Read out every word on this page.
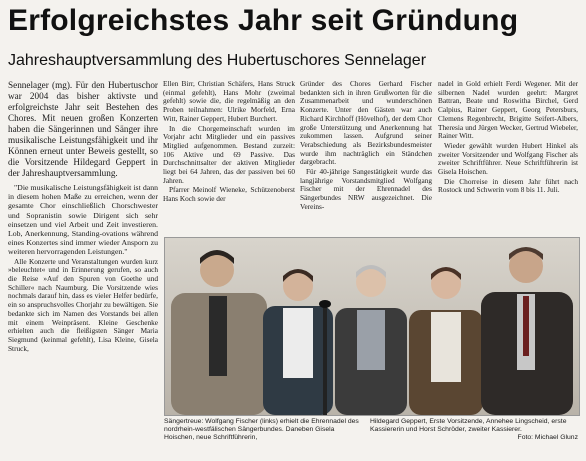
Erfolgreichstes Jahr seit Gründung
Jahreshauptversammlung des Hubertuschores Sennelager

Sennelager (mg). Für den Hubertuschor war 2004 das bisher aktivste und erfolgreichste Jahr seit Bestehen des Chores. Mit neuen großen Konzerten haben die Sängerinnen und Sänger ihre musikalische Leistungsfähigkeit und ihr Können erneut unter Beweis gestellt, so die Vorsitzende Hildegard Geppert in der Jahreshauptversammlung.

"Die musikalische Leistungsfähigkeit ist dann in diesem hohen Maße zu erreichen, wenn der gesamte Chor einschließlich Chorschwester und Sopranistin sowie Dirigent sich sehr einsetzen und viel Arbeit und Zeit investieren. Lob, Anerkennung, Standing-ovations während eines Konzertes sind immer wieder Ansporn zu weiteren hervorragenden Leistungen."

Alle Konzerte und Veranstaltungen wurden kurz »beleuchtet« und in Erinnerung gerufen, so auch die Reise »Auf den Spuren von Goethe und Schiller« nach Naumburg. Die Vorsitzende wies nochmals darauf hin, dass es vieler Helfer bedürfe, ein so anspruchsvolles Chorjahr zu bewältigen. Sie bedankte sich im Namen des Vorstands bei allen mit einem Weinpräsent. Kleine Geschenke erhielten auch die fleißigsten Sänger Maria Siegmund (keinmal gefehlt), Lisa Kleine, Gisela Struck,

Ellen Birr, Christian Schäfers, Hans Struck (einmal gefehlt), Hans Mohr (zweimal gefehlt) sowie die, die regelmäßig an den Proben teilnahmen: Ulrike Morfeld, Erna Witt, Rainer Geppert, Hubert Burchert.

In die Chorgemeinschaft wurden im Vorjahr acht Mitglieder und ein passives Mitglied aufgenommen. Bestand zurzeit: 106 Aktive und 69 Passive. Das Durchschnittsalter der aktiven Mitglieder liegt bei 64 Jahren, das der passiven bei 60 Jahren.

Pfarrer Meinolf Wieneke, Schützenoberst Hans Koch sowie der

Gründer des Chores Gerhard Fischer bedankten sich in ihren Grußworten für die Zusammenarbeit und wunderschönen Konzerte. Unter den Gästen war auch Richard Kirchhoff (Hövelhof), der dem Chor große Unterstützung und Anerkennung hat zukommen lassen. Aufgrund seiner Verabschiedung als Bezirksbundesmeister wurde ihm nachträglich ein Ständchen dargebracht.

Für 40-jährige Sangestätigkeit wurde das langjährige Vorstandsmitglied Wolfgang Fischer mit der Ehrennadel des Sängerbundes NRW ausgezeichnet. Die Vereins-

nadel in Gold erhielt Ferdi Wegener. Mit der silbernen Nadel wurden geehrt: Margret Battran, Beate und Roswitha Birchel, Gerd Calpius, Rainer Geppert, Georg Petersburs, Clemens Regenbrecht, Brigitte Seifert-Albers, Theresia und Jürgen Wecker, Gertrud Wiebeler, Rainer Witt.

Wieder gewählt wurden Hubert Hinkel als zweiter Vorsitzender und Wolfgang Fischer als zweiter Schriftführer. Neue Schriftführerin ist Gisela Hoischen.

Die Chorreise in diesem Jahr führt nach Rostock und Schwerin vom 8 bis 11. Juli.

Sängertreue: Wolfgang Fischer (links) erhielt die Ehrennadel des nordrhein-westfälischen Sängerbundes. Daneben Gisela Hoischen, neue Schriftführerin,
Hildegard Geppert, Erste Vorsitzende, Annehee Lingscheid, erste Kassiererin und Horst Schröder, zweiter Kassierer.
Foto: Michael Glunz
